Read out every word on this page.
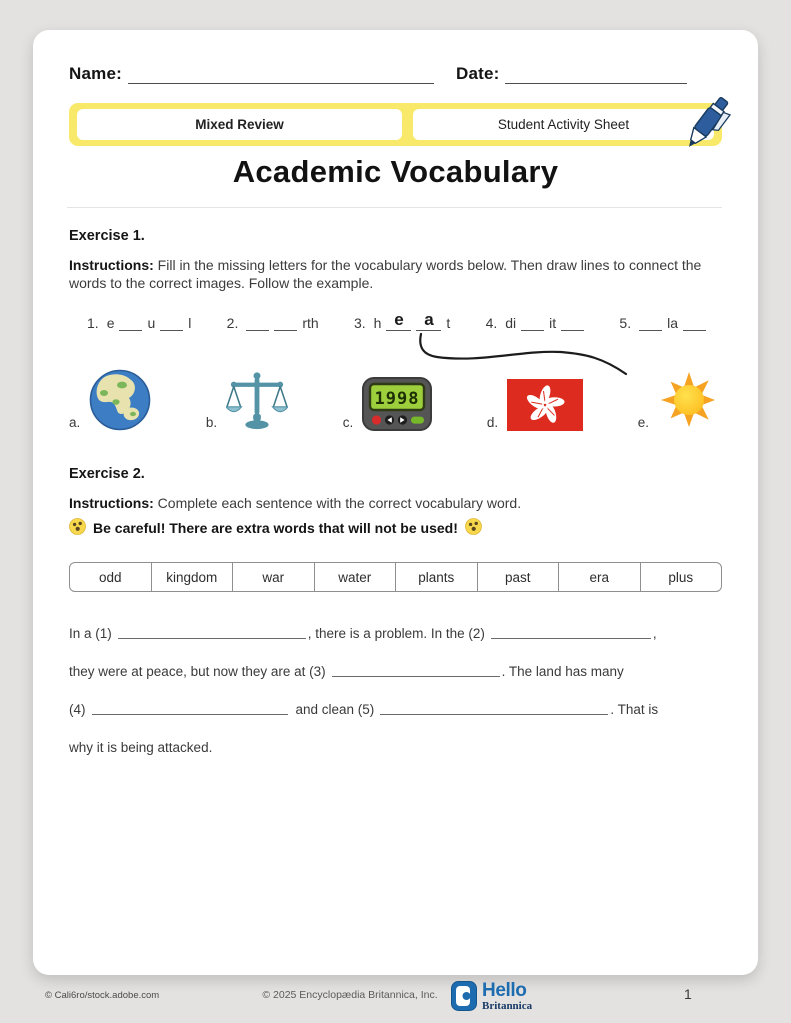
Name:	Date:
Mixed Review	Student Activity Sheet
Academic Vocabulary
Exercise 1.
Instructions: Fill in the missing letters for the vocabulary words below. Then draw lines to connect the words to the correct images. Follow the example.
1. e u l	2.	rth	3. h e	a t	4. di it	5.	la
a.	b.	c.
1998
d.	e.
Exercise 2.
Instructions: Complete each sentence with the correct vocabulary word.
Be careful! There are extra words that will not be used!
odd	kingdom	war	water	plants	past	era	plus
In a (1)	, there is a problem. In the (2)	,
they were at peace, but now they are at (3)	. The land has many
(4)	and clean (5)	. That is
why it is being attacked.
© Cali6ro/stock.adobe.com	© 2025 Encyclopædia Britannica, Inc.	Hello
Britannica
1
